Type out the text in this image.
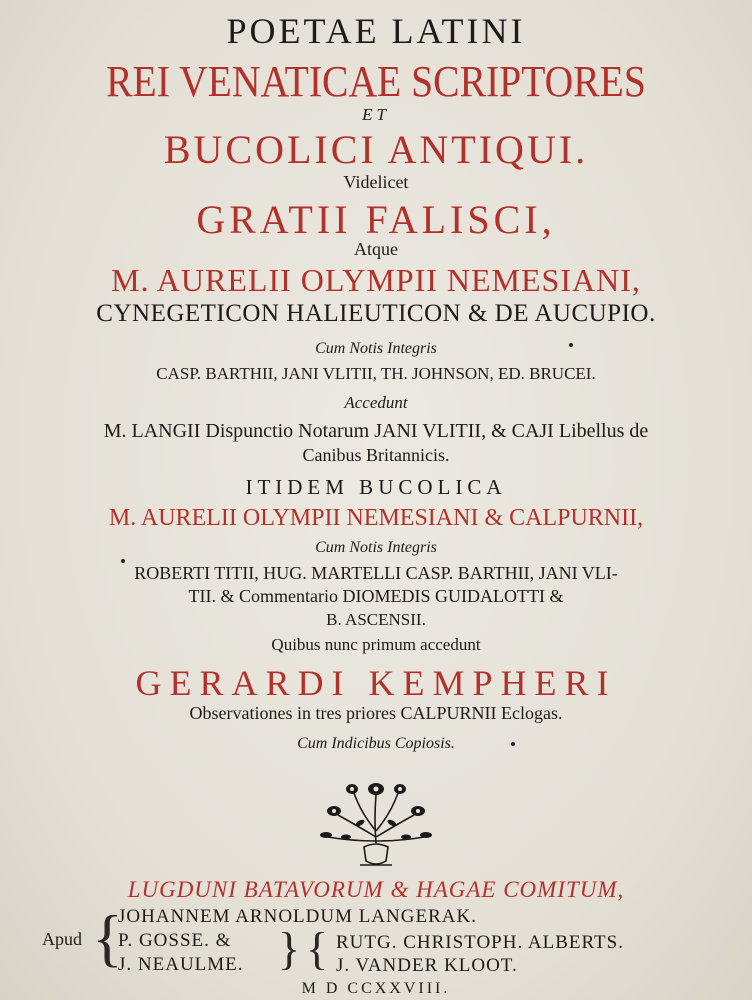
POETAE LATINI
REI VENATICAE SCRIPTORES
ET
BUCOLICI ANTIQUI.
Videlicet
GRATII FALISCI,
Atque
M. AURELII OLYMPII NEMESIANI,
CYNEGETICON HALIEUTICON & DE AUCUPIO.
Cum Notis Integris
CASP. BARTHII, JANI VLITII, TH. JOHNSON, ED. BRUCEI.
Accedunt
M. LANGII Dispunctio Notarum JANI VLITII, & CAJI Libellus de
Canibus Britannicis.
ITIDEM BUCOLICA
M. AURELII OLYMPII NEMESIANI & CALPURNII,
Cum Notis Integris
ROBERTI TITII, HUG. MARTELLI CASP. BARTHII, JANI VLI-
TII. & Commentario DIOMEDIS GUIDALOTTI &
B. ASCENSII.
Quibus nunc primum accedunt
GERARDI KEMPHERI
Observationes in tres priores CALPURNII Eclogas.
Cum Indicibus Copiosis.
LUGDUNI BATAVORUM & HAGAE COMITUM,
Apud {
JOHANNEM ARNOLDUM LANGERAK.
P. GOSSE. &
J. NEAULME. } { RUTG. CHRISTOPH. ALBERTS.
J. VANDER KLOOT.
M D CCXXVIII.
